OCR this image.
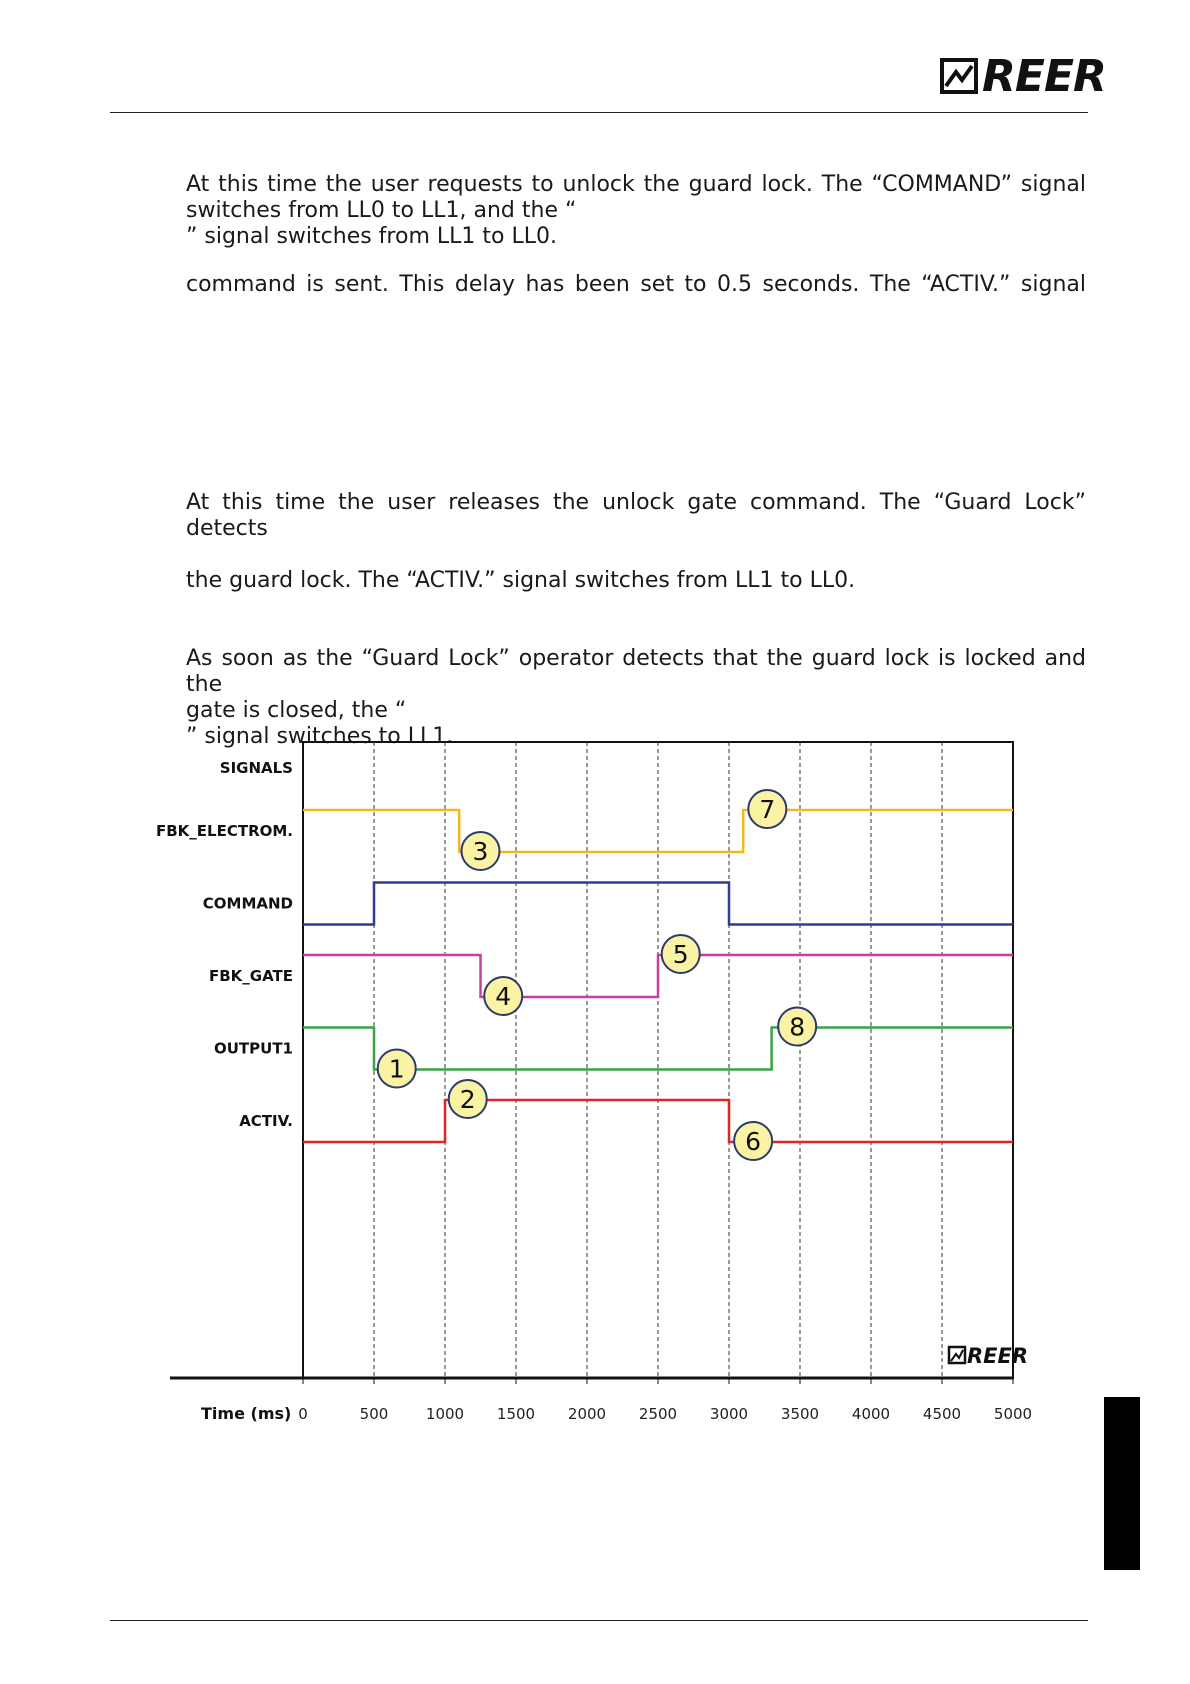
REER
At this time the user requests to unlock the guard lock. The “COMMAND” signal
switches from LL0 to LL1, and the “
” signal switches from LL1 to LL0.
command is sent. This delay has been set to 0.5 seconds. The “ACTIV.” signal
At this time the user releases the unlock gate command. The “Guard Lock” detects
the guard lock. The “ACTIV.” signal switches from LL1 to LL0.
As soon as the “Guard Lock” operator detects that the guard lock is locked and the
gate is closed, the “
” signal switches to LL1.
SIGNALS
FBK_ELECTROM.
COMMAND
FBK_GATE
OUTPUT1
ACTIV.
3
7
4
5
1
8
2
6
Time (ms) 0	500	1000 1500 2000 2500 3000 3500 4000 4500 5000
REER
